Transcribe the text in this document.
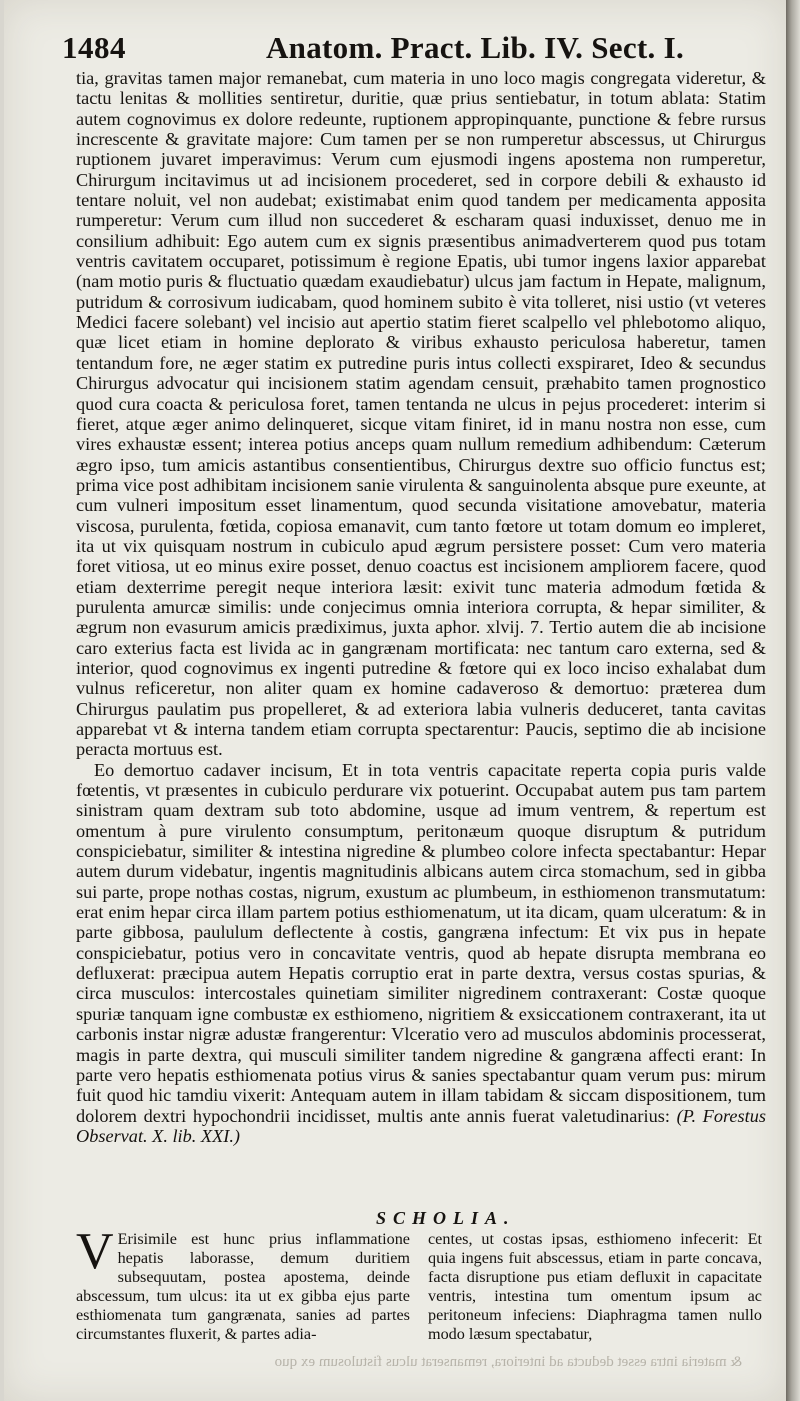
1484	Anatom. Pract. Lib. IV. Sect. I.

tia, gravitas tamen major remanebat, cum materia in uno loco magis congregata videretur, & tactu lenitas & mollities sentiretur, duritie, quæ prius sentiebatur, in totum ablata: Statim autem cognovimus ex dolore redeunte, ruptionem appropinquante, punctione & febre rursus increscente & gravitate majore: Cum tamen per se non rumperetur abscessus, ut Chirurgus ruptionem juvaret imperavimus: Verum cum ejusmodi ingens apostema non rumperetur, Chirurgum incitavimus ut ad incisionem procederet, sed in corpore debili & exhausto id tentare noluit, vel non audebat; existimabat enim quod tandem per medicamenta apposita rumperetur: Verum cum illud non succederet & escharam quasi induxisset, denuo me in consilium adhibuit: Ego autem cum ex signis præsentibus animadverterem quod pus totam ventris cavitatem occuparet, potissimum è regione Epatis, ubi tumor ingens laxior apparebat (nam motio puris & fluctuatio quædam exaudiebatur) ulcus jam factum in Hepate, malignum, putridum & corrosivum iudicabam, quod hominem subito è vita tolleret, nisi ustio (vt veteres Medici facere solebant) vel incisio aut apertio statim fieret scalpello vel phlebotomo aliquo, quæ licet etiam in homine deplorato & viribus exhausto periculosa haberetur, tamen tentandum fore, ne æger statim ex putredine puris intus collecti exspiraret, Ideo & secundus Chirurgus advocatur qui incisionem statim agendam censuit, præhabito tamen prognostico quod cura coacta & periculosa foret, tamen tentanda ne ulcus in pejus procederet: interim si fieret, atque æger animo delinqueret, sicque vitam finiret, id in manu nostra non esse, cum vires exhaustæ essent; interea potius anceps quam nullum remedium adhibendum: Cæterum ægro ipso, tum amicis astantibus consentientibus, Chirurgus dextre suo officio functus est; prima vice post adhibitam incisionem sanie virulenta & sanguinolenta absque pure exeunte, at cum vulneri impositum esset linamentum, quod secunda visitatione amovebatur, materia viscosa, purulenta, fœtida, copiosa emanavit, cum tanto fœtore ut totam domum eo impleret, ita ut vix quisquam nostrum in cubiculo apud ægrum persistere posset: Cum vero materia foret vitiosa, ut eo minus exire posset, denuo coactus est incisionem ampliorem facere, quod etiam dexterrime peregit neque interiora læsit: exivit tunc materia admodum fœtida & purulenta amurcæ similis: unde conjecimus omnia interiora corrupta, & hepar similiter, & ægrum non evasurum amicis prædiximus, juxta aphor. xlvij. 7. Tertio autem die ab incisione caro exterius facta est livida ac in gangrænam mortificata: nec tantum caro externa, sed & interior, quod cognovimus ex ingenti putredine & fœtore qui ex loco inciso exhalabat dum vulnus reficeretur, non aliter quam ex homine cadaveroso & demortuo: præterea dum Chirurgus paulatim pus propelleret, & ad exteriora labia vulneris deduceret, tanta cavitas apparebat vt & interna tandem etiam corrupta spectarentur: Paucis, septimo die ab incisione peracta mortuus est.

Eo demortuo cadaver incisum, Et in tota ventris capacitate reperta copia puris valde fœtentis, vt præsentes in cubiculo perdurare vix potuerint. Occupabat autem pus tam partem sinistram quam dextram sub toto abdomine, usque ad imum ventrem, & repertum est omentum à pure virulento consumptum, peritonæum quoque disruptum & putridum conspiciebatur, similiter & intestina nigredine & plumbeo colore infecta spectabantur: Hepar autem durum videbatur, ingentis magnitudinis albicans autem circa stomachum, sed in gibba sui parte, prope nothas costas, nigrum, exustum ac plumbeum, in esthiomenon transmutatum: erat enim hepar circa illam partem potius esthiomenatum, ut ita dicam, quam ulceratum: & in parte gibbosa, paululum deflectente à costis, gangræna infectum: Et vix pus in hepate conspiciebatur, potius vero in concavitate ventris, quod ab hepate disrupta membrana eo defluxerat: præcipua autem Hepatis corruptio erat in parte dextra, versus costas spurias, & circa musculos: intercostales quinetiam similiter nigredinem contraxerant: Costæ quoque spuriæ tanquam igne combustæ ex esthiomeno, nigritiem & exsiccationem contraxerant, ita ut carbonis instar nigræ adustæ frangerentur: Vlceratio vero ad musculos abdominis processerat, magis in parte dextra, qui musculi similiter tandem nigredine & gangræna affecti erant: In parte vero hepatis esthiomenata potius virus & sanies spectabantur quam verum pus: mirum fuit quod hic tamdiu vixerit: Antequam autem in illam tabidam & siccam dispositionem, tum dolorem dextri hypochondrii incidisset, multis ante annis fuerat valetudinarius: (P. Forestus Observat. X. lib. XXI.)

SCHOLIA.
V Erisimile est hunc prius inflammatione hepatis laborasse, demum duritiem subsequutam, postea apostema, deinde abscessum, tum ulcus: ita ut ex gibba ejus parte esthiomenata tum gangrænata, sanies ad partes circumstantes fluxerit, & partes adia-
centes, ut costas ipsas, esthiomeno infecerit: Et quia ingens fuit abscessus, etiam in parte concava, facta disruptione pus etiam defluxit in capacitate ventris, intestina tum omentum ipsum ac peritoneum infeciens: Diaphragma tamen nullo modo læsum spectabatur,
& materia intra esset deducta ad interiora, remanserat ulcus fistulosum ex quo
